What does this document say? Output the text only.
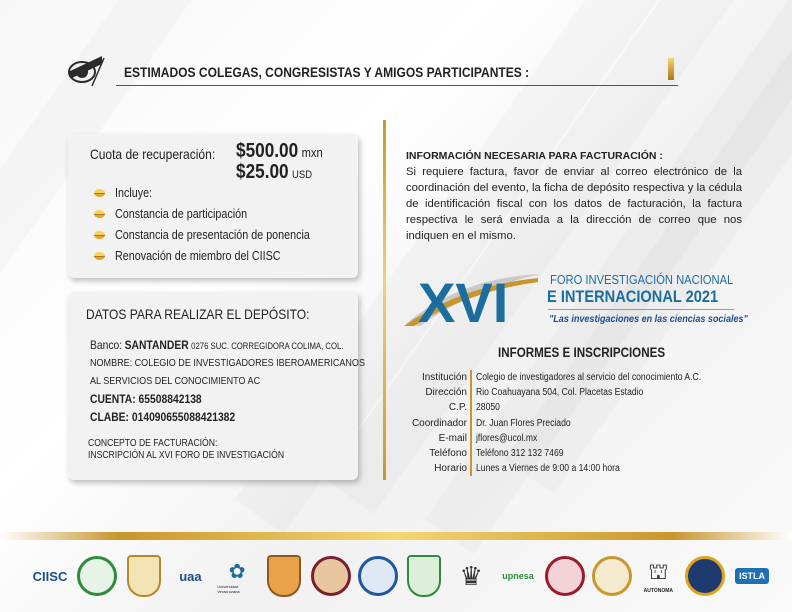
ESTIMADOS COLEGAS, CONGRESISTAS Y AMIGOS PARTICIPANTES :
Cuota de recuperación:	$500.00 mxn
$25.00 USD
Incluye:
Constancia de participación
Constancia de presentación de ponencia
Renovación de miembro del CIISC
DATOS PARA REALIZAR EL DEPÓSITO:
Banco: SANTANDER 0276 SUC. CORREGIDORA COLIMA, COL.
NOMBRE: COLEGIO DE INVESTIGADORES IBEROAMERICANOS
AL SERVICIOS DEL CONOCIMIENTO AC
CUENTA: 65508842138
CLABE: 014090655088421382
CONCEPTO DE FACTURACIÓN:
INSCRIPCIÓN AL XVI FORO DE INVESTIGACIÓN
INFORMACIÓN NECESARIA PARA FACTURACIÓN :
Si requiere factura, favor de enviar al correo electrónico de la coordinación del evento, la ficha de depósito respectiva y la cédula de identificación fiscal con los datos de facturación, la factura respectiva le será enviada a la dirección de correo que nos indiquen en el mismo.
XVI	FORO INVESTIGACIÓN NACIONAL
E INTERNACIONAL 2021
"Las investigaciones en las ciencias sociales"
INFORMES E INSCRIPCIONES
Institución Colegio de investigadores al servicio del conocimiento A.C.
Dirección Rio Coahuayana 504, Col. Placetas Estadio
C.P. 28050
Coordinador Dr. Juan Flores Preciado
E-mail jflores@ucol.mx
Teléfono Teléfono 312 132 7469
Horario Lunes a Viernes de 9:00 a 14:00 hora
CIISC	uaa ✿
Universidad Veracruzana
♛ upnesa	⛫
AUTONOMA
ISTLA
